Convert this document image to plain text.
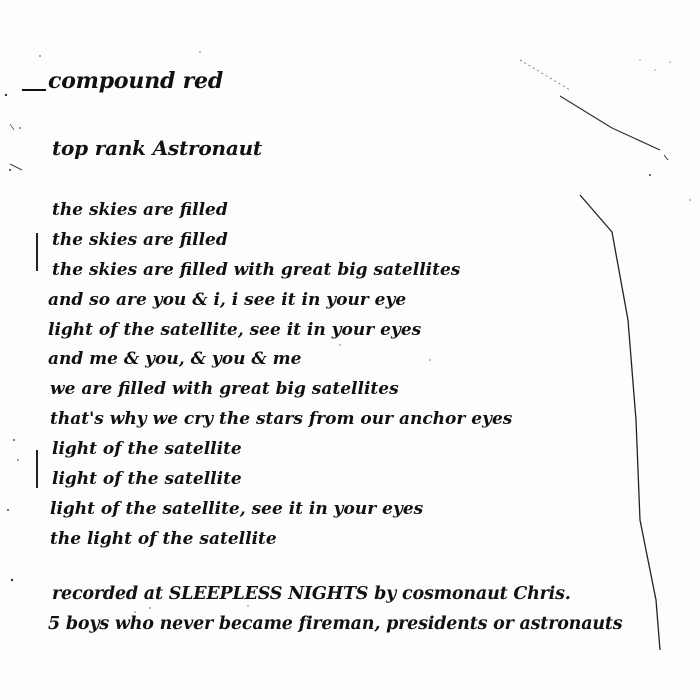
compound red
top rank Astronaut
the skies are filled
the skies are filled
the skies are filled with great big satellites
and so are you & i, i see it in your eye
light of the satellite, see it in your eyes
and me & you, & you & me
we are filled with great big satellites
that's why we cry the stars from our anchor eyes
light of the satellite
light of the satellite
light of the satellite, see it in your eyes
the light of the satellite
recorded at SLEEPLESS NIGHTS by cosmonaut Chris.
5 boys who never became fireman, presidents or astronauts
